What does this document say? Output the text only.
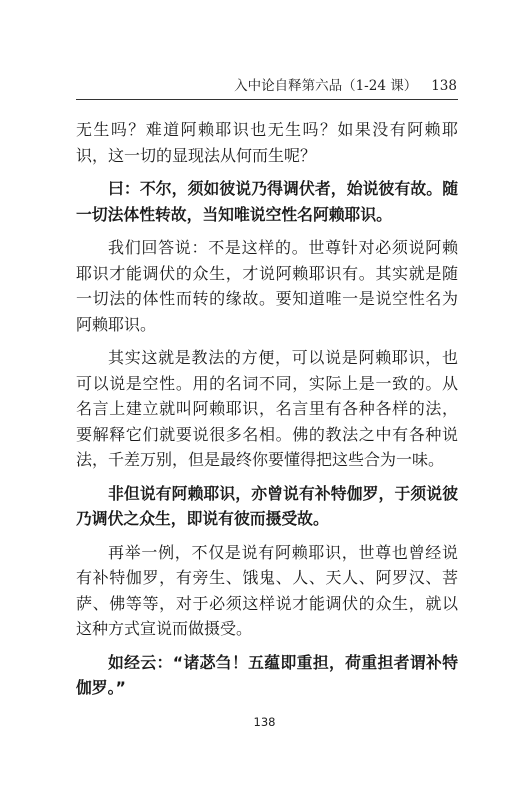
入中论自释第六品（1-24 课） 138

无生吗？难道阿赖耶识也无生吗？如果没有阿赖耶识，这一切的显现法从何而生呢？

曰：不尔，须如彼说乃得调伏者，始说彼有故。随一切法体性转故，当知唯说空性名阿赖耶识。

我们回答说：不是这样的。世尊针对必须说阿赖耶识才能调伏的众生，才说阿赖耶识有。其实就是随一切法的体性而转的缘故。要知道唯一是说空性名为阿赖耶识。

其实这就是教法的方便，可以说是阿赖耶识，也可以说是空性。用的名词不同，实际上是一致的。从名言上建立就叫阿赖耶识，名言里有各种各样的法，要解释它们就要说很多名相。佛的教法之中有各种说法，千差万别，但是最终你要懂得把这些合为一味。

非但说有阿赖耶识，亦曾说有补特伽罗，于须说彼乃调伏之众生，即说有彼而摄受故。

再举一例，不仅是说有阿赖耶识，世尊也曾经说有补特伽罗，有旁生、饿鬼、人、天人、阿罗汉、菩萨、佛等等，对于必须这样说才能调伏的众生，就以这种方式宣说而做摄受。

如经云：“诸苾刍！五蕴即重担，荷重担者谓补特伽罗。”

138
